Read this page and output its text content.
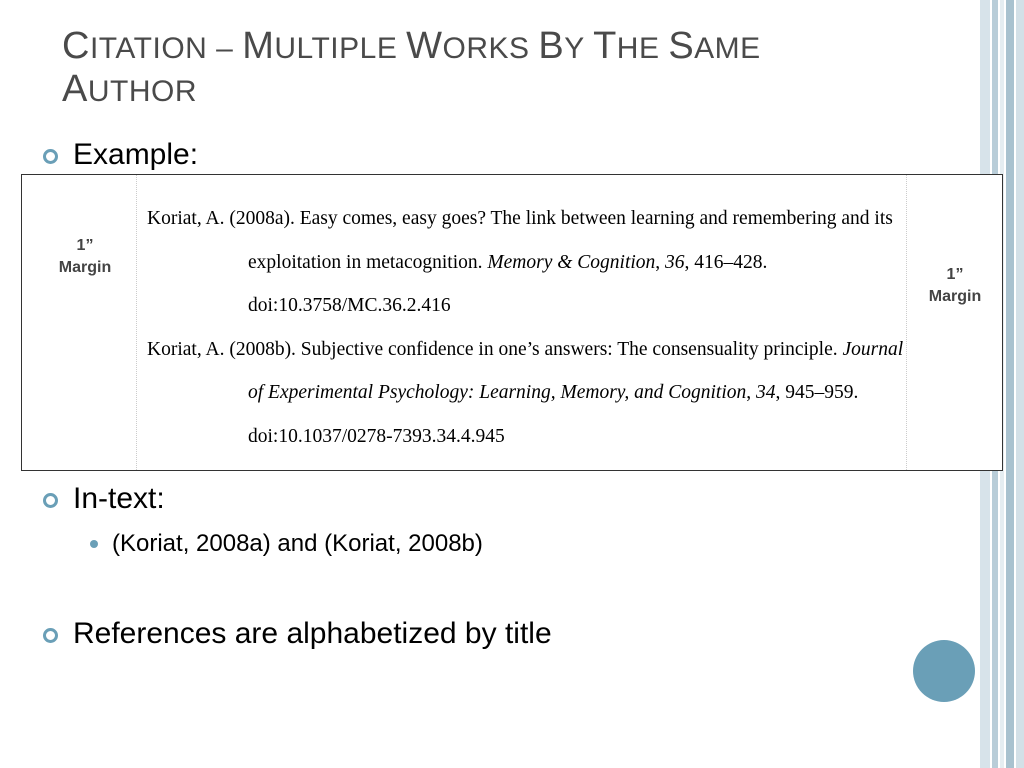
CITATION – MULTIPLE WORKS BY THE SAME
AUTHOR
Example:
1”
Margin	1”
Margin
Koriat, A. (2008a). Easy comes, easy goes? The link between learning and remembering and its exploitation in metacognition. Memory & Cognition, 36, 416–428. doi:10.3758/MC.36.2.416
Koriat, A. (2008b). Subjective confidence in one’s answers: The consensuality principle. Journal of Experimental Psychology: Learning, Memory, and Cognition, 34, 945–959. doi:10.1037/0278-7393.34.4.945
In-text:
(Koriat, 2008a) and (Koriat, 2008b)
References are alphabetized by title
